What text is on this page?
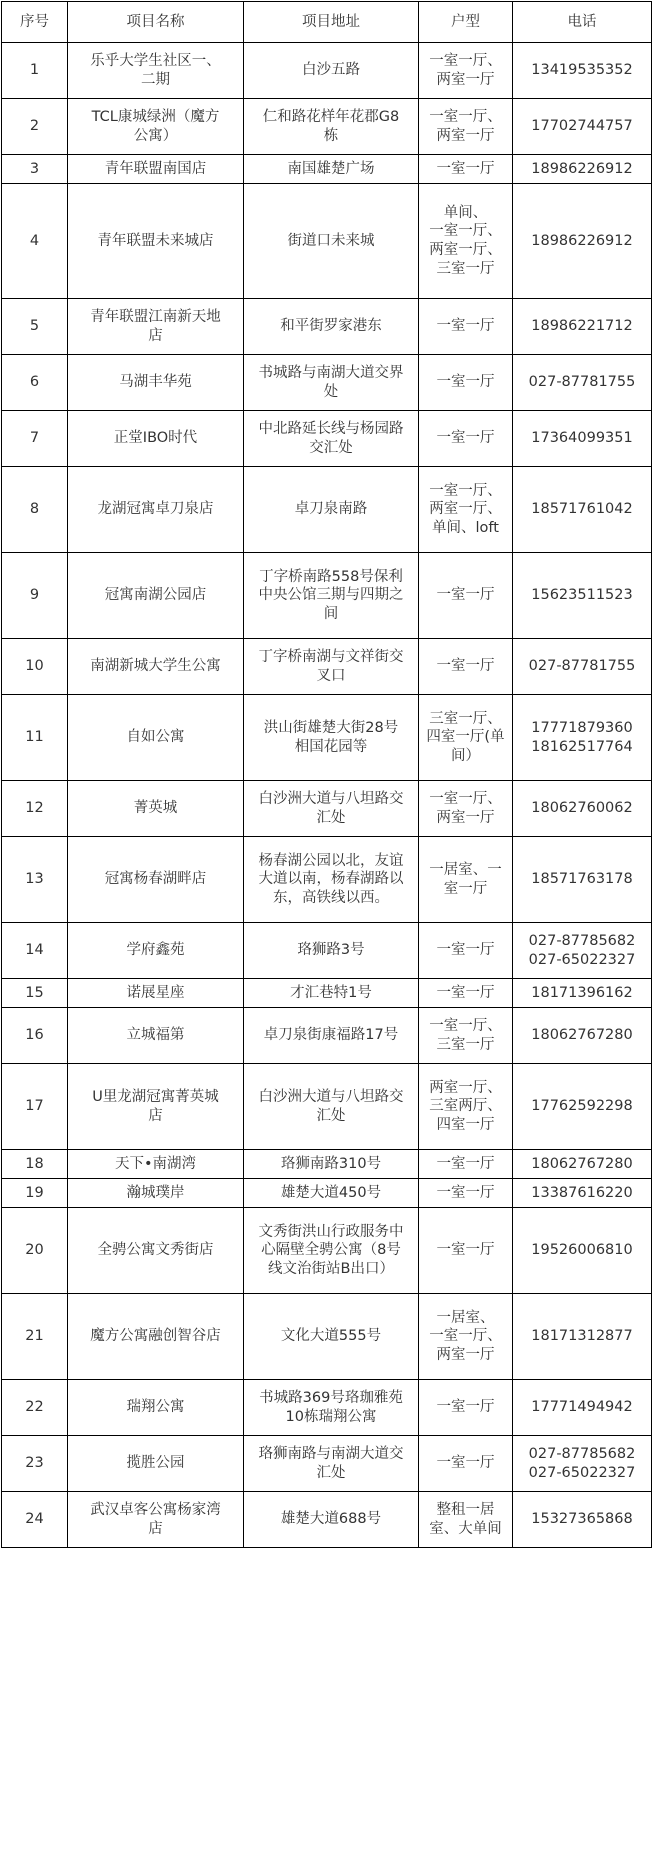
序号	项目名称	项目地址	户型	电话
1	乐乎大学生社区一、
二期	白沙五路	一室一厅、
两室一厅	13419535352

2	TCL康城绿洲（魔方
公寓）	仁和路花样年花郡G8
栋	一室一厅、
两室一厅	17702744757

3	青年联盟南国店	南国雄楚广场	一室一厅	18986226912

4	青年联盟未来城店	街道口未来城	单间、
一室一厅、
两室一厅、
三室一厅	18986226912

5	青年联盟江南新天地
店	和平街罗家港东	一室一厅	18986221712

6	马湖丰华苑	书城路与南湖大道交界
处	一室一厅	027-87781755

7	正堂IBO时代	中北路延长线与杨园路
交汇处	一室一厅	17364099351

8	龙湖冠寓卓刀泉店	卓刀泉南路	一室一厅、
两室一厅、
单间、loft	18571761042

9	冠寓南湖公园店	丁字桥南路558号保利
中央公馆三期与四期之
间	一室一厅	15623511523

10	南湖新城大学生公寓	丁字桥南湖与文祥街交
叉口	一室一厅	027-87781755

11	自如公寓	洪山街雄楚大街28号
相国花园等	三室一厅、
四室一厅(单
间）	17771879360
18162517764

12	菁英城	白沙洲大道与八坦路交
汇处	一室一厅、
两室一厅	18062760062

13	冠寓杨春湖畔店	杨春湖公园以北，友谊
大道以南，杨春湖路以
东，高铁线以西。	一居室、一
室一厅	18571763178

14	学府鑫苑	珞狮路3号	一室一厅	027-87785682
027-65022327

15	诺展星座	才汇巷特1号	一室一厅	18171396162

16	立城福第	卓刀泉街康福路17号	一室一厅、
三室一厅	18062767280

17	U里龙湖冠寓菁英城
店	白沙洲大道与八坦路交
汇处	两室一厅、
三室两厅、
四室一厅	17762592298

18	天下•南湖湾	珞狮南路310号	一室一厅	18062767280

19	瀚城璞岸	雄楚大道450号	一室一厅	13387616220

20	全骋公寓文秀街店	文秀街洪山行政服务中
心隔壁全骋公寓（8号
线文治街站B出口）	一室一厅	19526006810

21	魔方公寓融创智谷店	文化大道555号	一居室、
一室一厅、
两室一厅	18171312877

22	瑞翔公寓	书城路369号珞珈雅苑
10栋瑞翔公寓	一室一厅	17771494942

23	揽胜公园	珞狮南路与南湖大道交
汇处	一室一厅	027-87785682
027-65022327

24	武汉卓客公寓杨家湾
店	雄楚大道688号	整租一居
室、大单间	15327365868
